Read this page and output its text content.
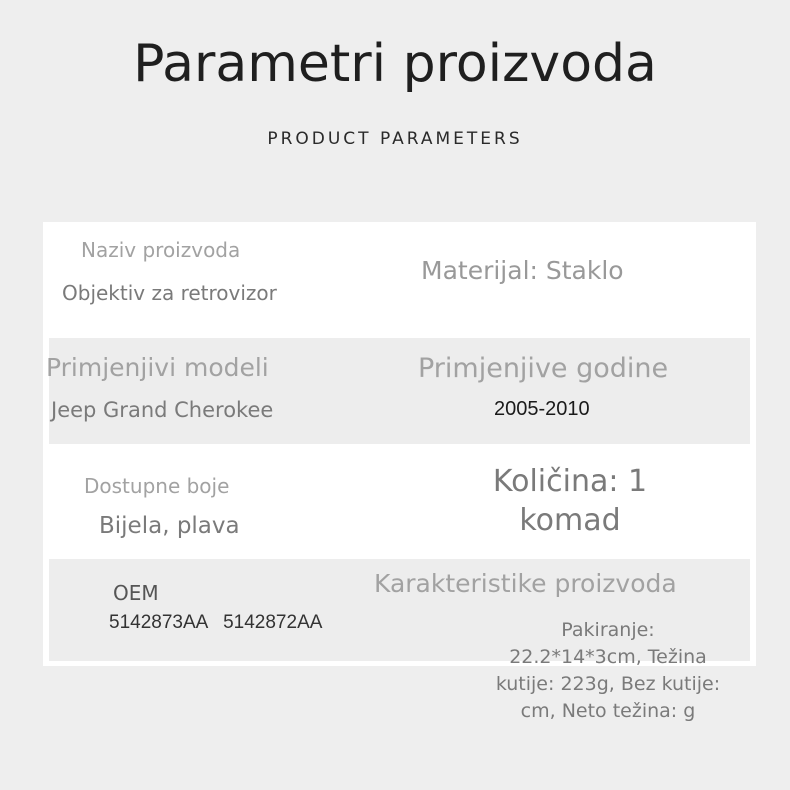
Parametri proizvoda
PRODUCT PARAMETERS
Naziv proizvoda
Objektiv za retrovizor
Materijal: Staklo
Primjenjivi modeli
Jeep Grand Cherokee
Primjenjive godine
2005-2010
Dostupne boje
Bijela, plava
Količina: 1
komad
OEM
5142873AA   5142872AA
Karakteristike proizvoda
Pakiranje:
22.2*14*3cm, Težina
kutije: 223g, Bez kutije:
cm, Neto težina: g
